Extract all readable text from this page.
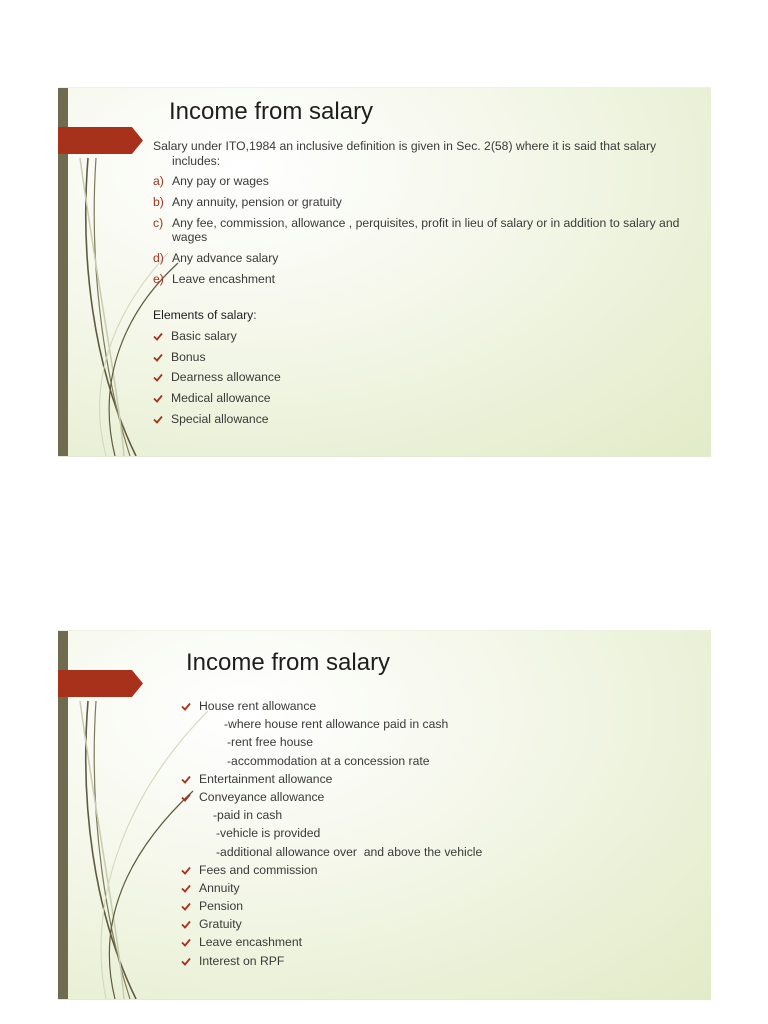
Income from salary

Salary under ITO,1984 an inclusive definition is given in Sec. 2(58) where it is said that salary includes:

a) Any pay or wages
b) Any annuity, pension or gratuity
c) Any fee, commission, allowance , perquisites, profit in lieu of salary or in addition to salary and wages
d) Any advance salary
e) Leave encashment

Elements of salary:

Basic salary
Bonus
Dearness allowance
Medical allowance
Special allowance
Income from salary
House rent allowance
-where house rent allowance paid in cash
-rent free house
-accommodation at a concession rate
Entertainment allowance
Conveyance allowance
-paid in cash
-vehicle is provided
-additional allowance over  and above the vehicle
Fees and commission
Annuity
Pension
Gratuity
Leave encashment
Interest on RPF
